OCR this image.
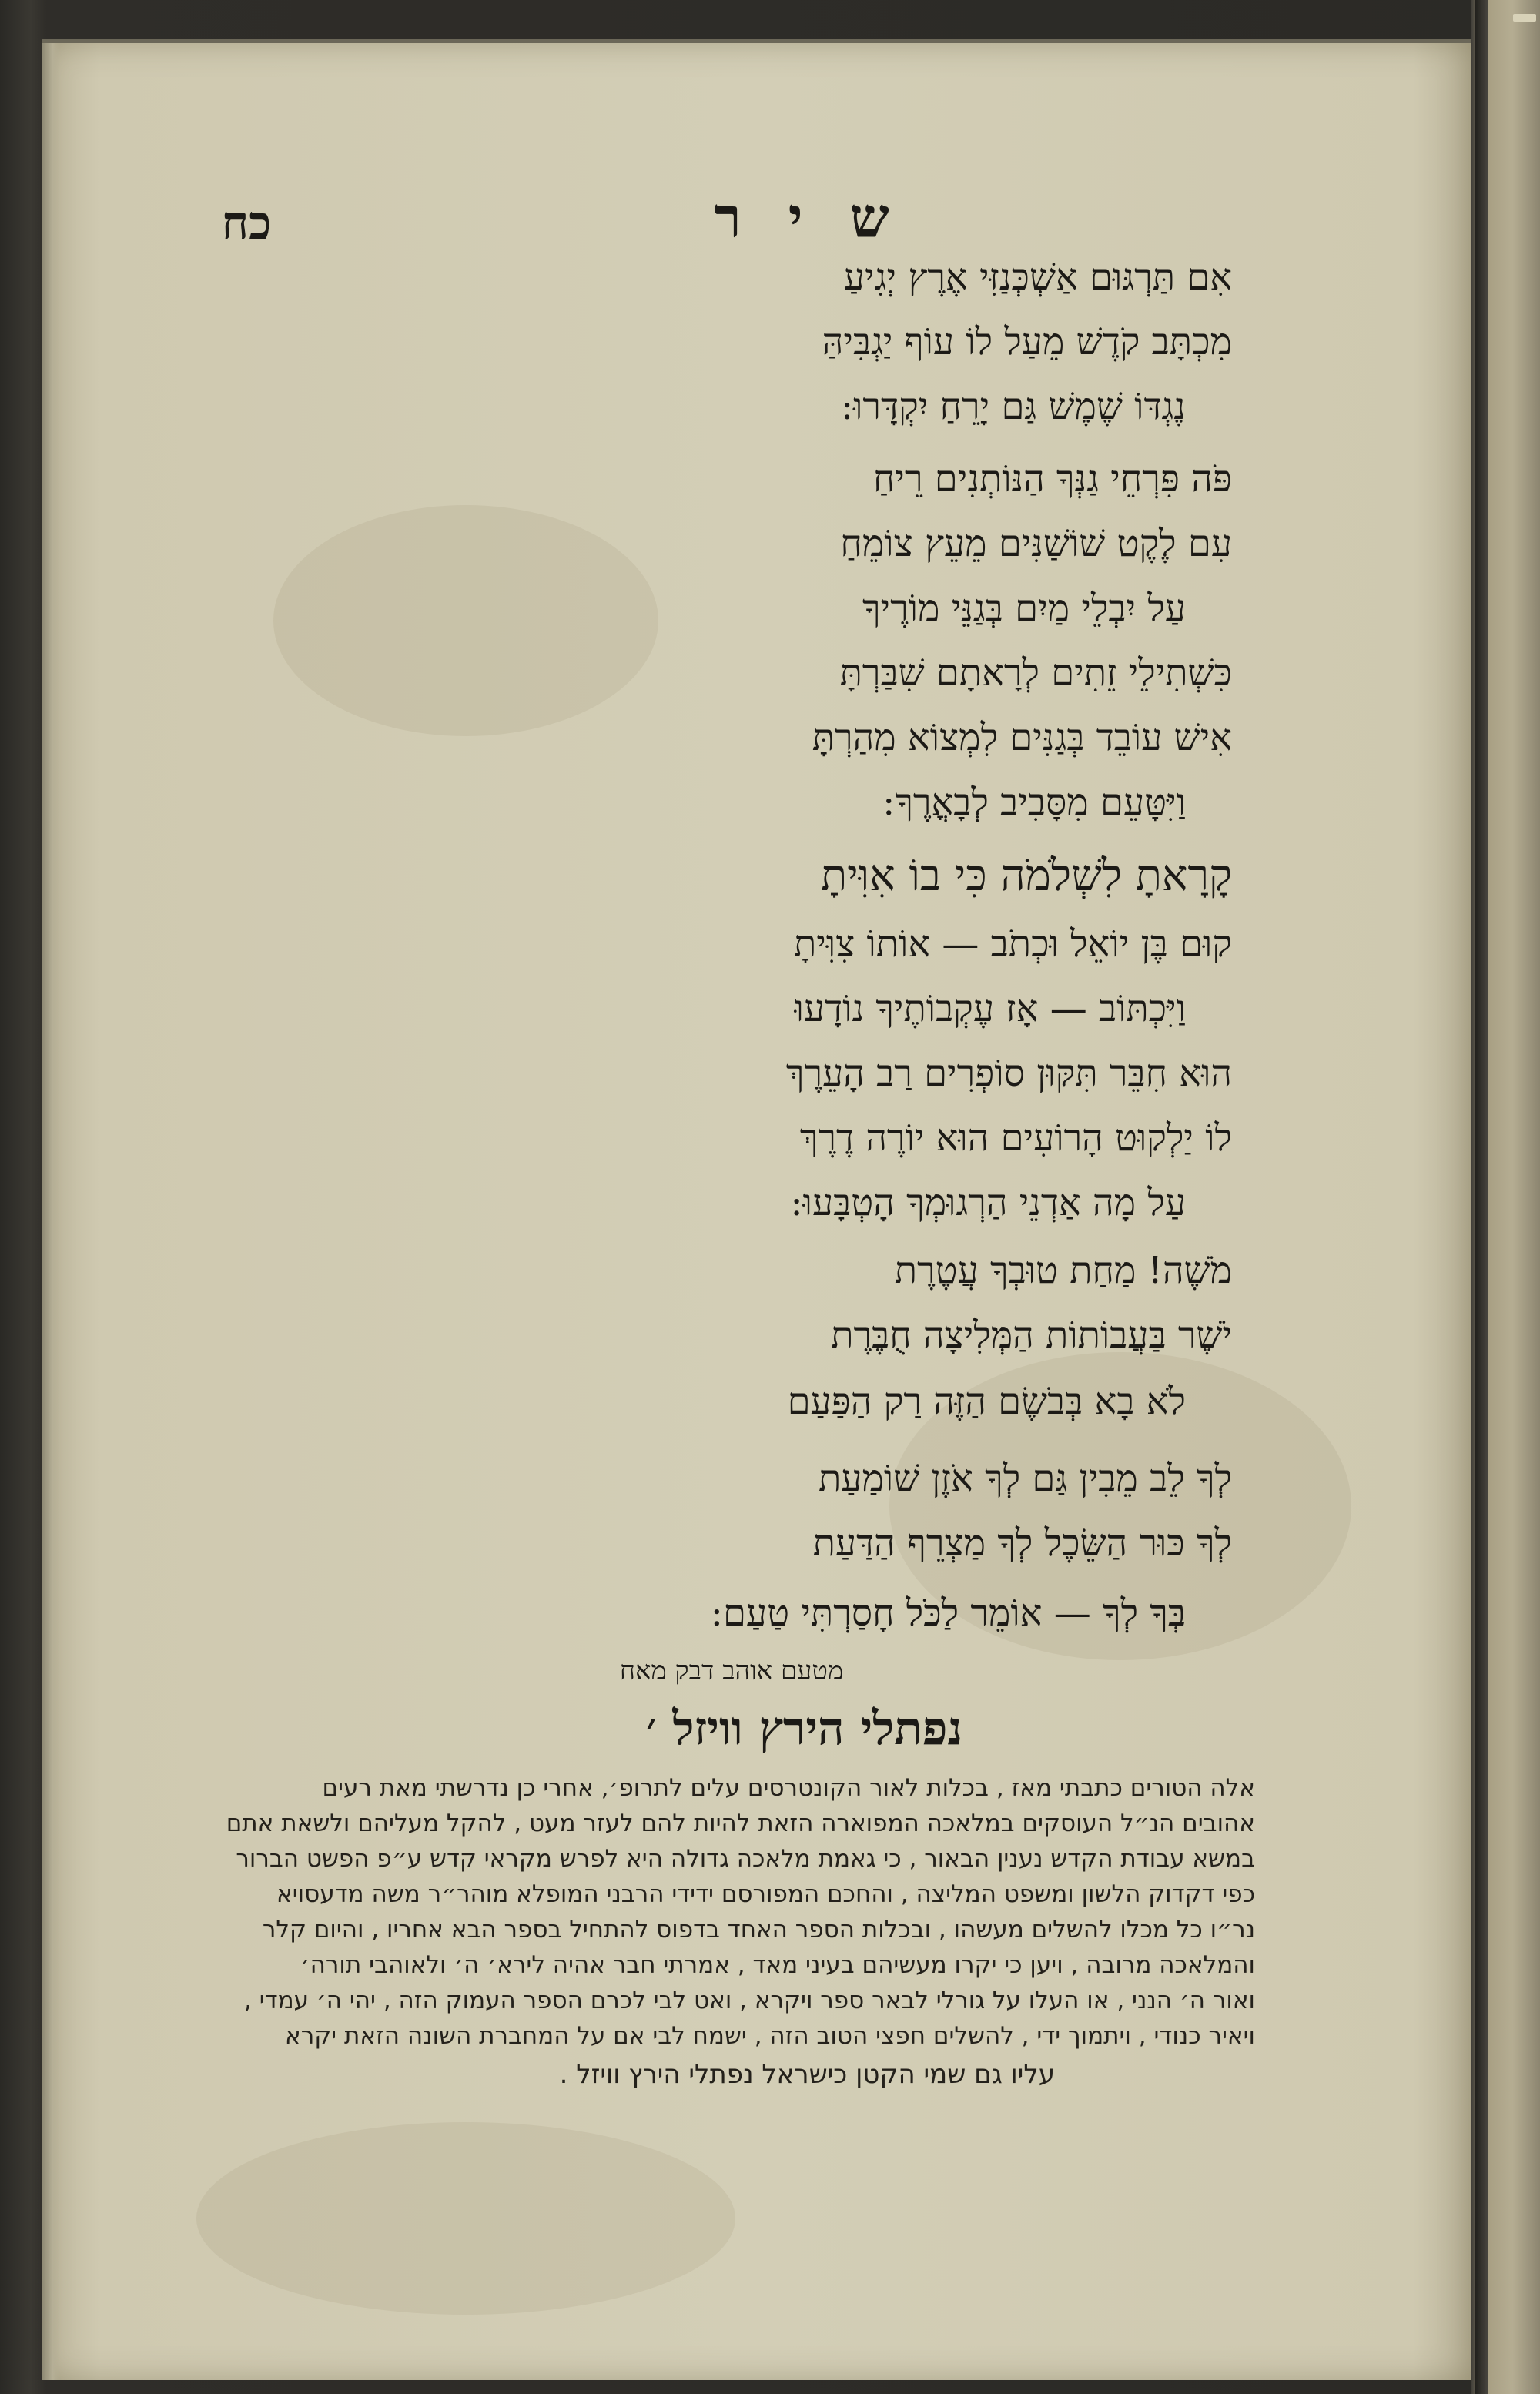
כח	ש י ר
אִם תַּרְגּוּם אַשְׁכְּנַזִּי אֶרֶץ יְגִיעַ
מִכְתָּב קֹדֶשׁ מֵעַל לוֹ עוֹף יַגְבִּיהַּ
נֶגְדּוֹ שֶׁמֶשׁ גַּם יָרֵחַ יִקְדָּרוּ:
פֹּה פִּרְחֵי גַנְּךָ הַנּוֹתְנִים רֵיחַ
עִם לֶקֶט שׁוֹשַׁנִּים מֵעֵץ צוֹמֵחַ
עַל יִבְלֵי מַיִם בְּגַנֵּי מוֹרֶיךָ
כִּשְׁתִילֵי זֵתִים לְרָאתָם שִׁבַּרְתָּ
אִישׁ עוֹבֵד בְּגַנִּים לִמְצוֹא מִהַרְתָּ
וַיִּטָּעֵם מִסָּבִיב לְבָאֳרֶךָ:
קָרָאתָ לִשְׁלֹמֹה כִּי בוֹ אִוִּיתָ
קוּם בֶּן יוֹאֵל וּכְתֹב — אוֹתוֹ צִוִּיתָ
וַיִּכְתּוֹב — אָז עֶקְבוֹתֶיךָ נוֹדָעוּ
הוּא חִבֵּר תִּקּוּן סוֹפְרִים רַב הָעֵרֶךְ
לוֹ יַלְקוּט הָרוֹעִים הוּא יוֹרֶה דֶרֶךְ
עַל מָה אַדְנֵי הַרְגוּמְךָ הָטְבָּעוּ:
מֹשֶׁה! מַחַת טוּבְךָ עֲטֶרֶת
יֹשֶׁר בַּעֲבוֹתוֹת הַמְּלִיצָה חֻבֶּרֶת
לֹא בָא בְּבֹשֶׂם הַזֶּה רַק הַפַּעַם
לְךָ לֵב מֵבִין גַּם לְךָ אֹזֶן שׁוֹמַעַת
לְךָ כּוּר הַשֵּׂכֶל לְךָ מַצְרֵף הַדַּעַת
בְּךָ לְךָ — אוֹמֵר לַכֹּל חָסַרְתִּי טַעַם:
מטעם אוהב דבק מאח
נפתלי הירץ וויזל ׳
אלה הטורים כתבתי מאז , בכלות לאור הקונטרסים עלים לתרופ׳, אחרי כן נדרשתי מאת רעים
אהובים הנ״ל העוסקים במלאכה המפוארה הזאת להיות להם לעזר מעט , להקל מעליהם ולשאת אתם
במשא עבודת הקדש נענין הבאור , כי גאמת מלאכה גדולה היא לפרש מקראי קדש ע״פ הפשט הברור
כפי דקדוק הלשון ומשפט המליצה , והחכם המפורסם ידידי הרבני המופלא מוהר״ר משה מדעסויא
נר״ו כל מכלו להשלים מעשהו , ובכלות הספר האחד בדפוס להתחיל בספר הבא אחריו , והיום קלר
והמלאכה מרובה , ויען כי יקרו מעשיהם בעיני מאד , אמרתי חבר אהיה לירא׳ ה׳ ולאוהבי תורה׳
ואור ה׳ הנני , או העלו על גורלי לבאר ספר ויקרא , ואט לבי לכרם הספר העמוק הזה , יהי ה׳ עמדי ,
ויאיר כנודי , ויתמוך ידי , להשלים חפצי הטוב הזה , ישמח לבי אם על המחברת השונה הזאת יקרא
עליו גם שמי הקטן כישראל נפתלי הירץ וויזל .
